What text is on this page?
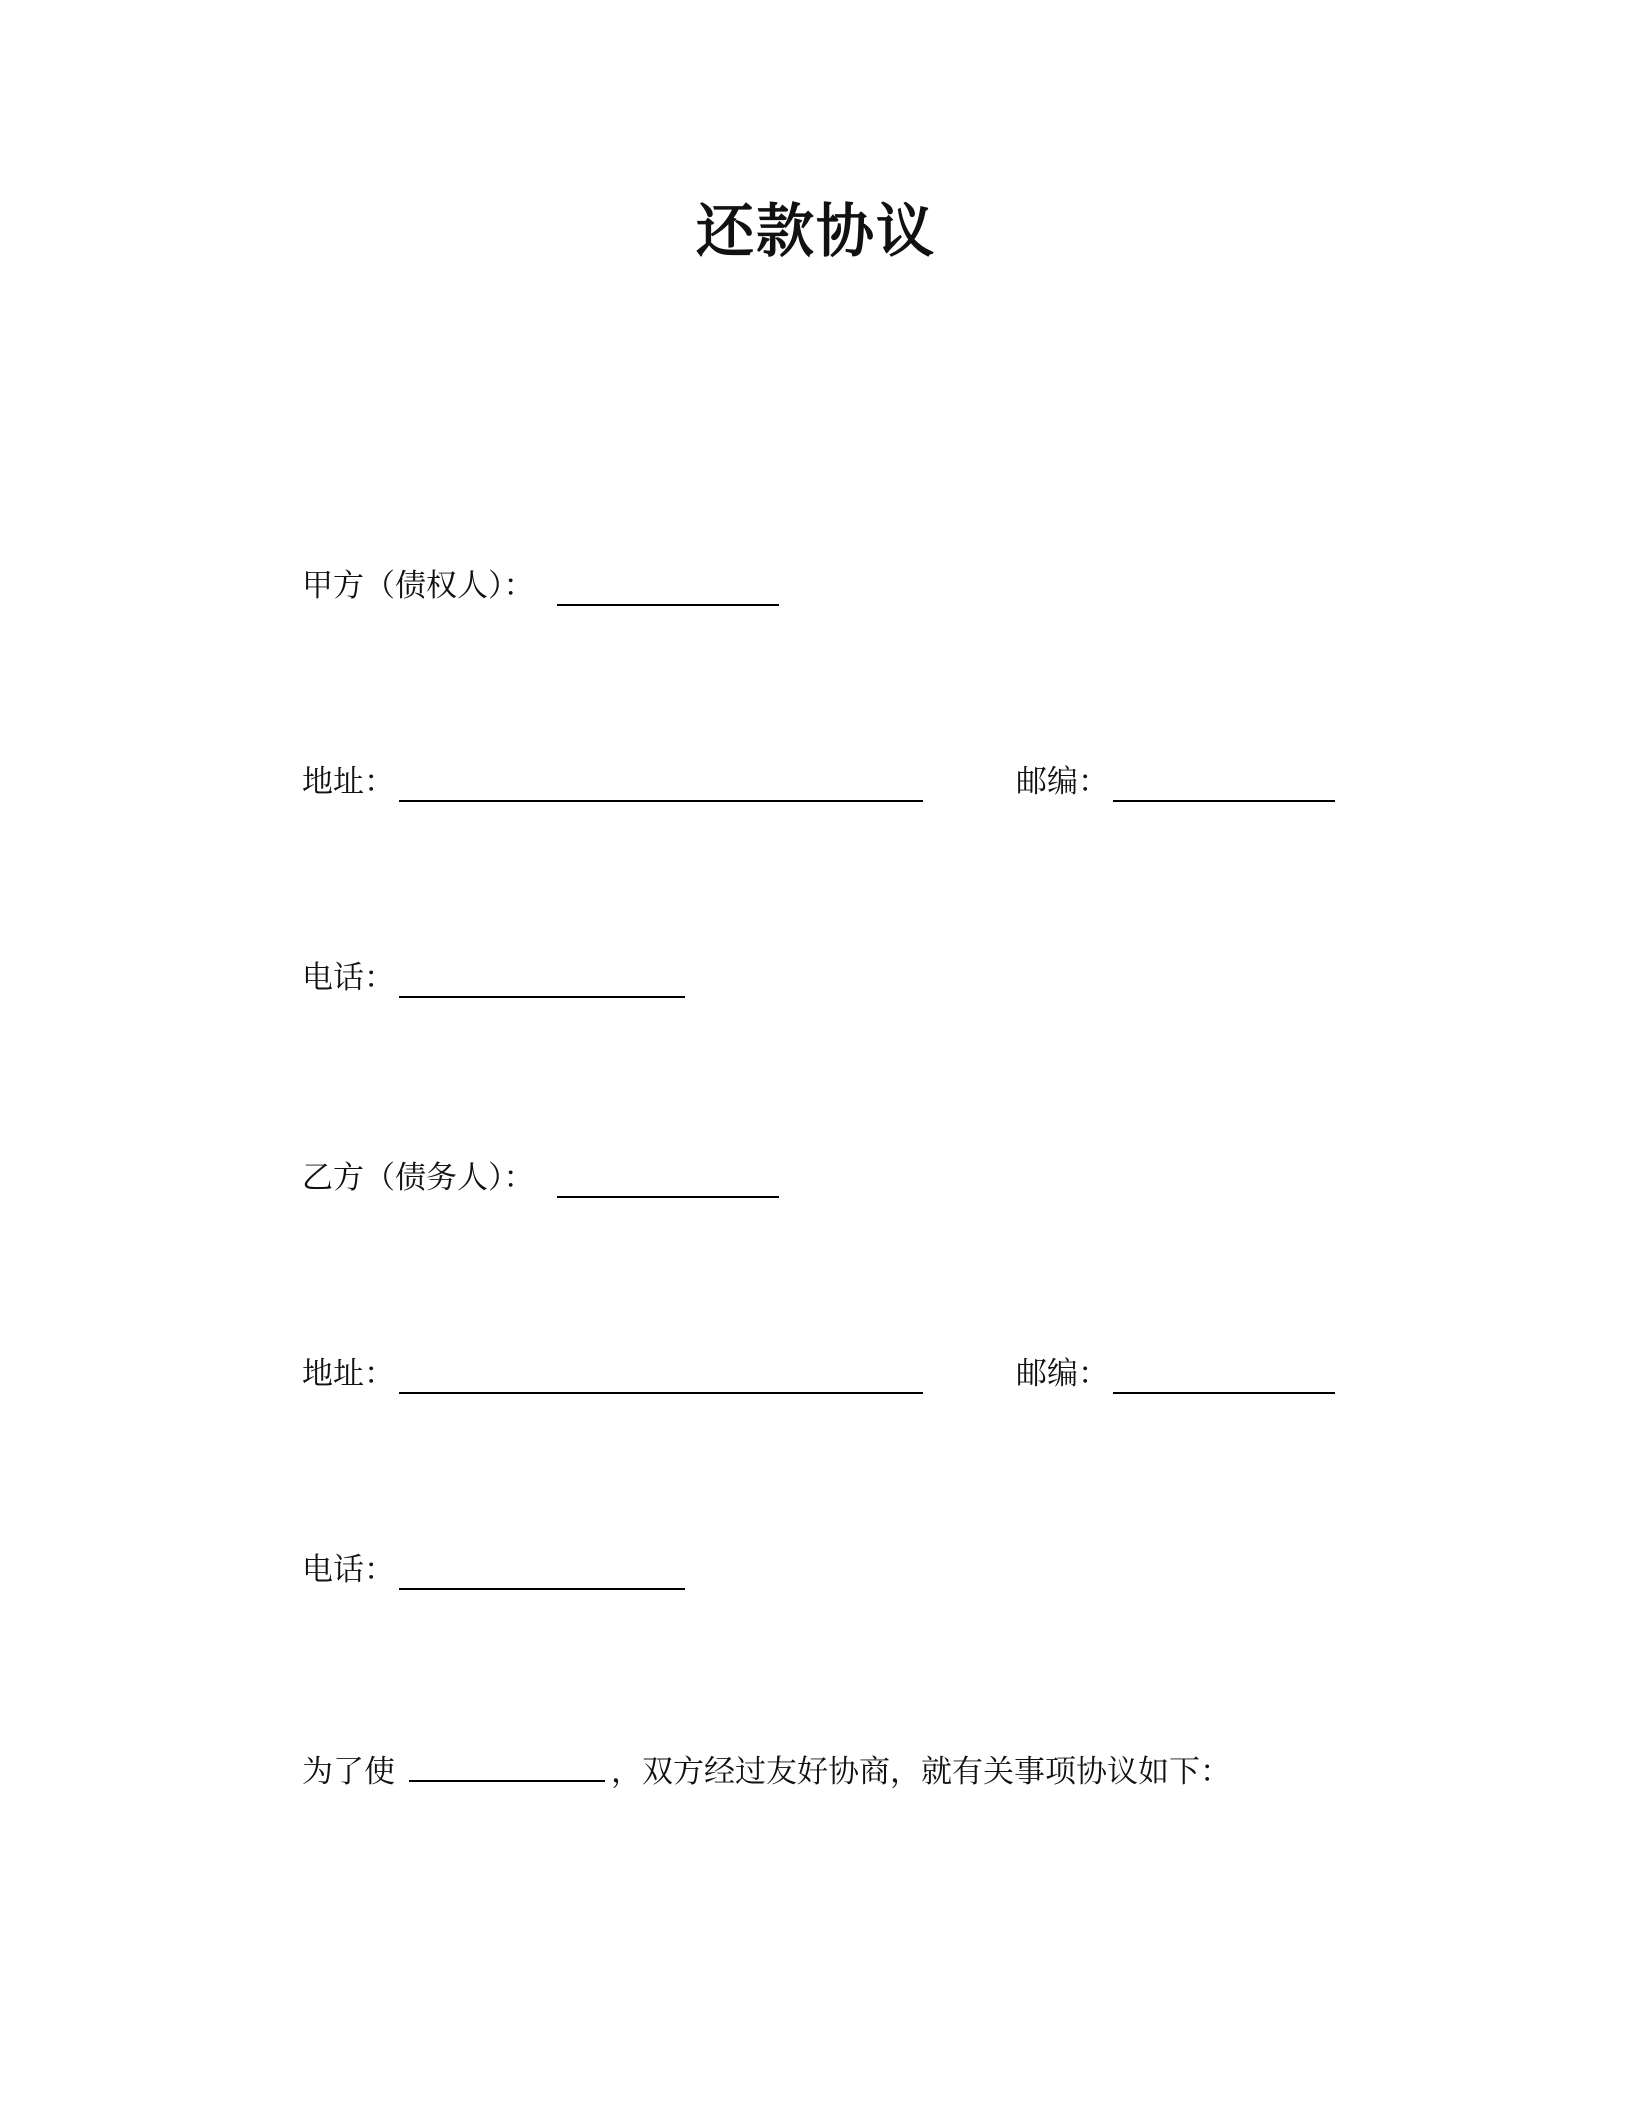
还款协议
甲方（债权人）：
地址：	邮编：
电话：
乙方（债务人）：
地址：	邮编：
电话：
为了使	，双方经过友好协商，就有关事项协议如下：
